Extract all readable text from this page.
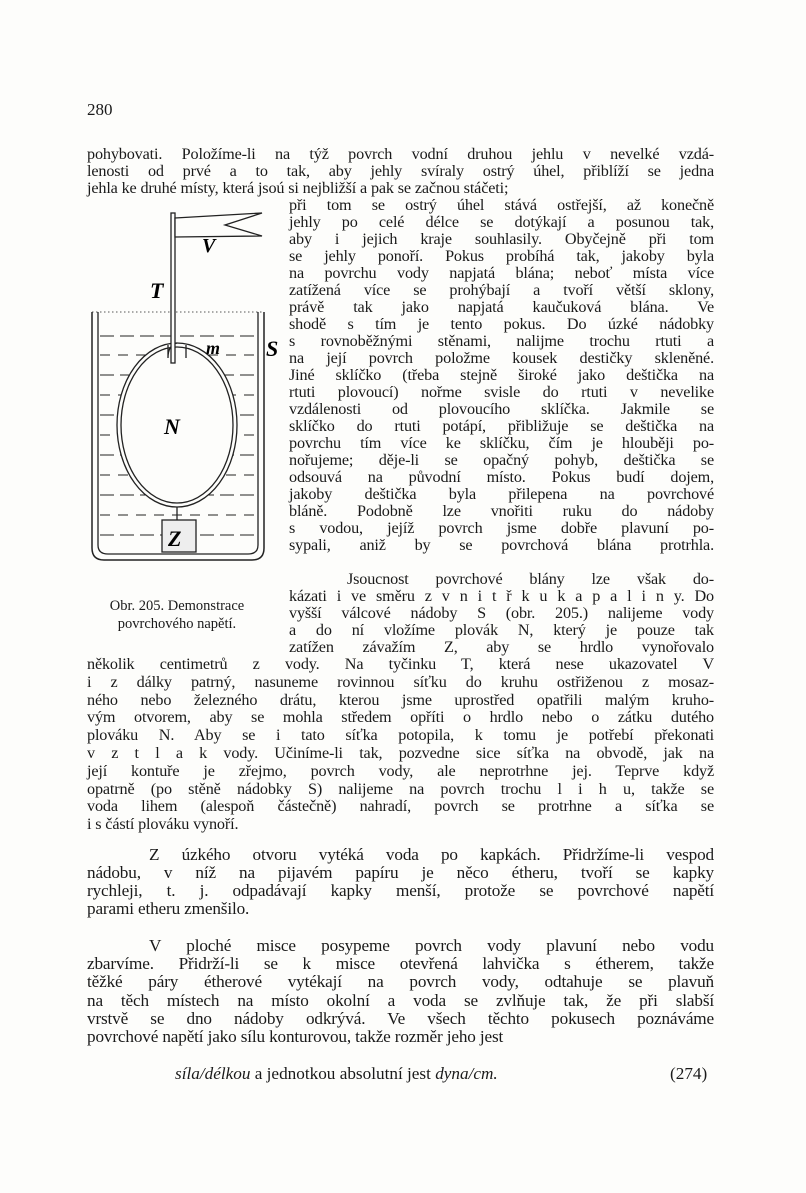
280
pohybovati. Položíme-li na týž povrch vodní druhou jehlu v nevelké vzdá-
lenosti od prvé a to tak, aby jehly svíraly ostrý úhel, přiblíží se jedna
jehla ke druhé místy, která jsoú si nejbližší a pak se začnou stáčeti;
při tom se ostrý úhel stává ostřejší, až konečně
jehly po celé délce se dotýkají a posunou tak,
aby i jejich kraje souhlasily. Obyčejně při tom
se jehly ponoří. Pokus probíhá tak, jakoby byla
na povrchu vody napjatá blána; neboť místa více
zatížená více se prohýbají a tvoří větší sklony,
právě tak jako napjatá kaučuková blána. Ve
shodě s tím je tento pokus. Do úzké nádobky
s rovnoběžnými stěnami, nalijme trochu rtuti a
na její povrch položme kousek destičky skleněné.
Jiné sklíčko (třeba stejně široké jako deštička na
rtuti plovoucí) nořme svisle do rtuti v nevelike
vzdálenosti od plovoucího sklíčka. Jakmile se
sklíčko do rtuti potápí, přibližuje se deštička na
povrchu tím více ke sklíčku, čím je hlouběji po-
nořujeme; děje-li se opačný pohyb, deštička se
odsouvá na původní místo. Pokus budí dojem,
jakoby deštička byla přilepena na povrchové
bláně. Podobně lze vnořiti ruku do nádoby
s vodou, jejíž povrch jsme dobře plavuní po-
sypali, aniž by se povrchová blána protrhla.
Jsoucnost povrchové blány lze však do-
kázati i ve směru z v n i t ř k u k a p a l i n y. Do
vyšší válcové nádoby S (obr. 205.) nalijeme vody
a do ní vložíme plovák N, který je pouze tak
zatížen závažím Z, aby se hrdlo vynořovalo
několik centimetrů z vody. Na tyčinku T, která nese ukazovatel V
i z dálky patrný, nasuneme rovinnou síťku do kruhu ostřiženou z mosaz-
ného nebo železného drátu, kterou jsme uprostřed opatřili malým kruho-
vým otvorem, aby se mohla středem opříti o hrdlo nebo o zátku dutého
plováku N. Aby se i tato síťka potopila, k tomu je potřebí překonati
v z t l a k vody. Učiníme-li tak, pozvedne sice síťka na obvodě, jak na
její kontuře je zřejmo, povrch vody, ale neprotrhne jej. Teprve když
opatrně (po stěně nádobky S) nalijeme na povrch trochu l i h u, takže se
voda lihem (alespoň částečně) nahradí, povrch se protrhne a síťka se
i s částí plováku vynoří.
Z úzkého otvoru vytéká voda po kapkách. Přidržíme-li vespod
nádobu, v níž na pijavém papíru je něco étheru, tvoří se kapky
rychleji, t. j. odpadávají kapky menší, protože se povrchové napětí
parami etheru zmenšilo.
V ploché misce posypeme povrch vody plavuní nebo vodu
zbarvíme. Přidrží-li se k misce otevřená lahvička s étherem, takže
těžké páry étherové vytékají na povrch vody, odtahuje se plavuň
na těch místech na místo okolní a voda se zvlňuje tak, že při slabší
vrstvě se dno nádoby odkrývá. Ve všech těchto pokusech poznáváme
povrchové napětí jako sílu konturovou, takže rozměr jeho jest
síla/délkou a jednotkou absolutní jest dyna/cm.	(274)
T
V
m S
N
Z
Obr. 205. Demonstrace
povrchového napětí.
